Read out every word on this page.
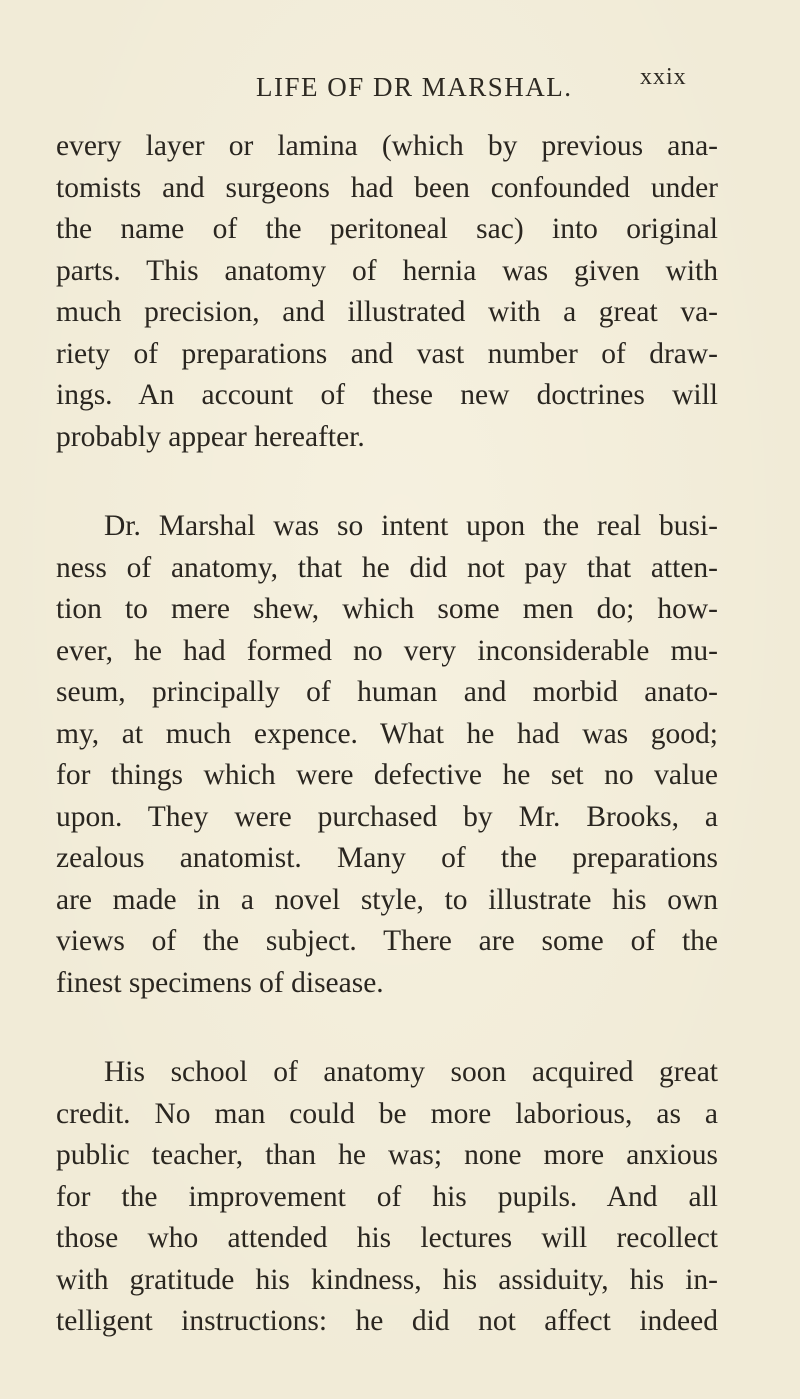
LIFE OF DR MARSHAL.	xxix

every layer or lamina (which by previous ana-
tomists and surgeons had been confounded under
the name of the peritoneal sac) into original
parts. This anatomy of hernia was given with
much precision, and illustrated with a great va-
riety of preparations and vast number of draw-
ings. An account of these new doctrines will
probably appear hereafter.

Dr. Marshal was so intent upon the real busi-
ness of anatomy, that he did not pay that atten-
tion to mere shew, which some men do; how-
ever, he had formed no very inconsiderable mu-
seum, principally of human and morbid anato-
my, at much expence. What he had was good;
for things which were defective he set no value
upon. They were purchased by Mr. Brooks, a
zealous anatomist. Many of the preparations
are made in a novel style, to illustrate his own
views of the subject. There are some of the
finest specimens of disease.

His school of anatomy soon acquired great
credit. No man could be more laborious, as a
public teacher, than he was; none more anxious
for the improvement of his pupils. And all
those who attended his lectures will recollect
with gratitude his kindness, his assiduity, his in-
telligent instructions: he did not affect indeed
